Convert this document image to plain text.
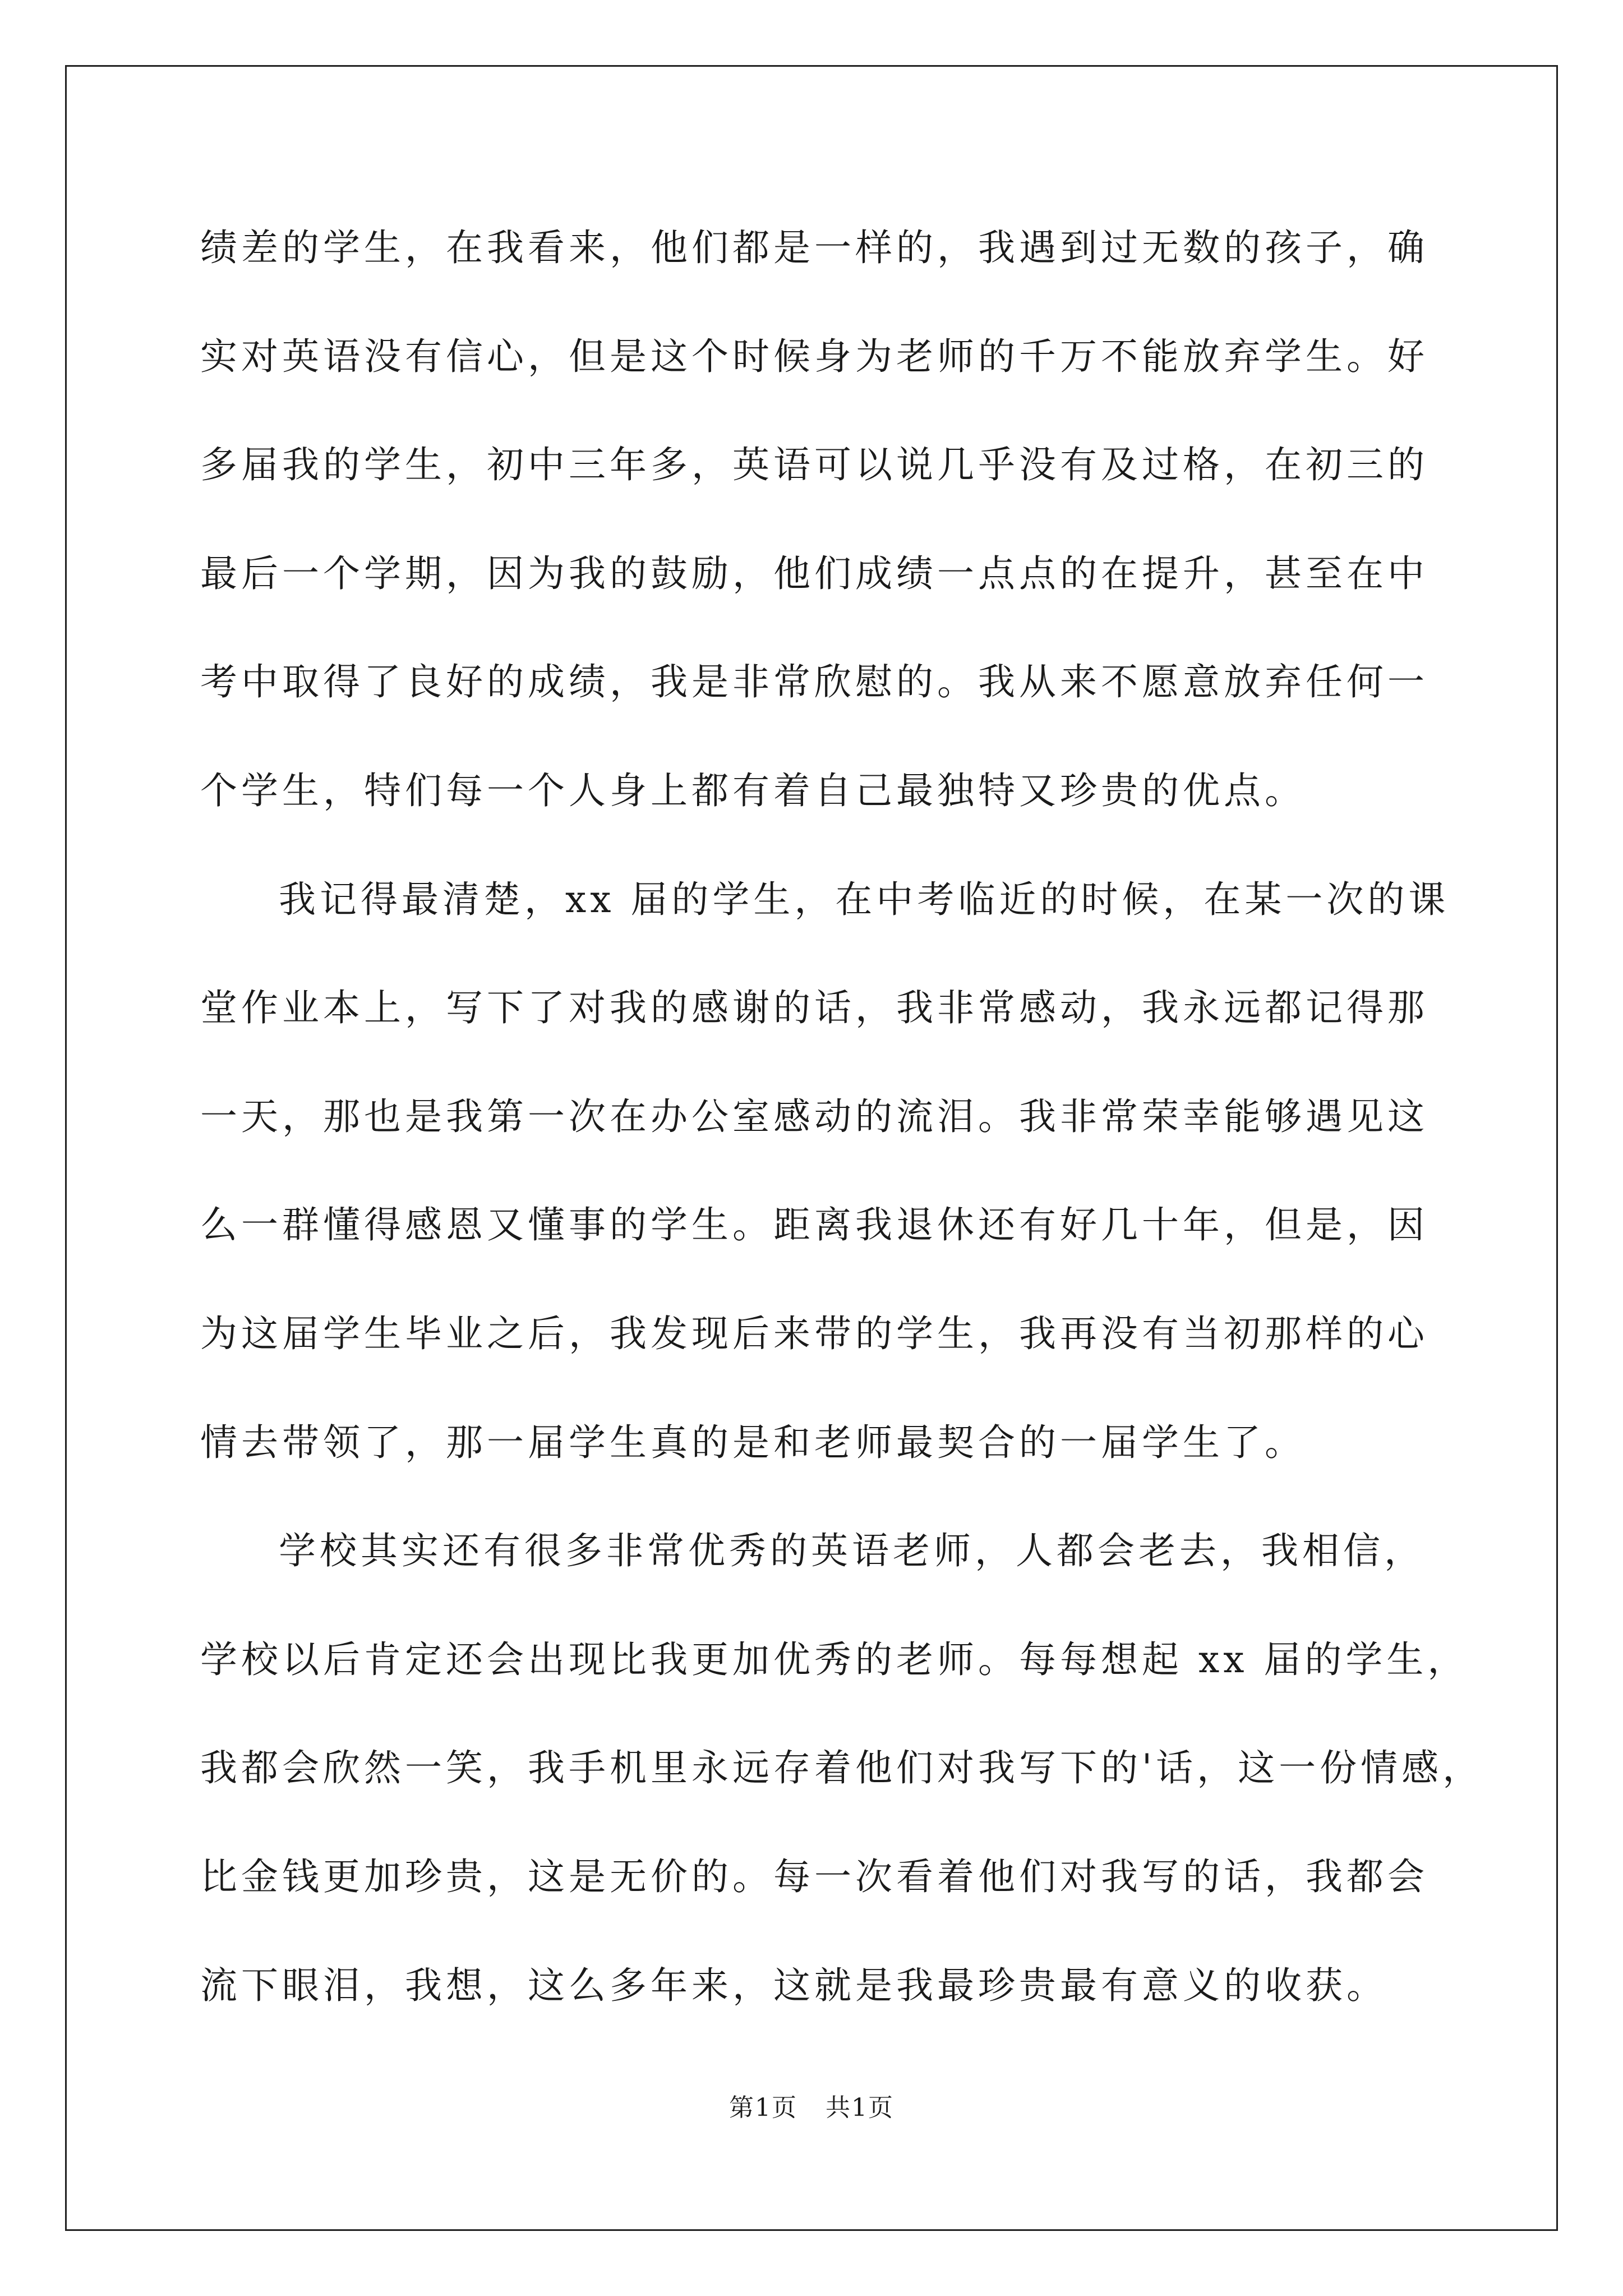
绩差的学生，在我看来，他们都是一样的，我遇到过无数的孩子，确
实对英语没有信心，但是这个时候身为老师的千万不能放弃学生。好
多届我的学生，初中三年多，英语可以说几乎没有及过格，在初三的
最后一个学期，因为我的鼓励，他们成绩一点点的在提升，甚至在中
考中取得了良好的成绩，我是非常欣慰的。我从来不愿意放弃任何一
个学生，特们每一个人身上都有着自己最独特又珍贵的优点。
我记得最清楚，xx 届的学生，在中考临近的时候，在某一次的课
堂作业本上，写下了对我的感谢的话，我非常感动，我永远都记得那
一天，那也是我第一次在办公室感动的流泪。我非常荣幸能够遇见这
么一群懂得感恩又懂事的学生。距离我退休还有好几十年，但是，因
为这届学生毕业之后，我发现后来带的学生，我再没有当初那样的心
情去带领了，那一届学生真的是和老师最契合的一届学生了。
学校其实还有很多非常优秀的英语老师，人都会老去，我相信，
学校以后肯定还会出现比我更加优秀的老师。每每想起 xx 届的学生，
我都会欣然一笑，我手机里永远存着他们对我写下的'话，这一份情感，
比金钱更加珍贵，这是无价的。每一次看着他们对我写的话，我都会
流下眼泪，我想，这么多年来，这就是我最珍贵最有意义的收获。
第1页 共1页
